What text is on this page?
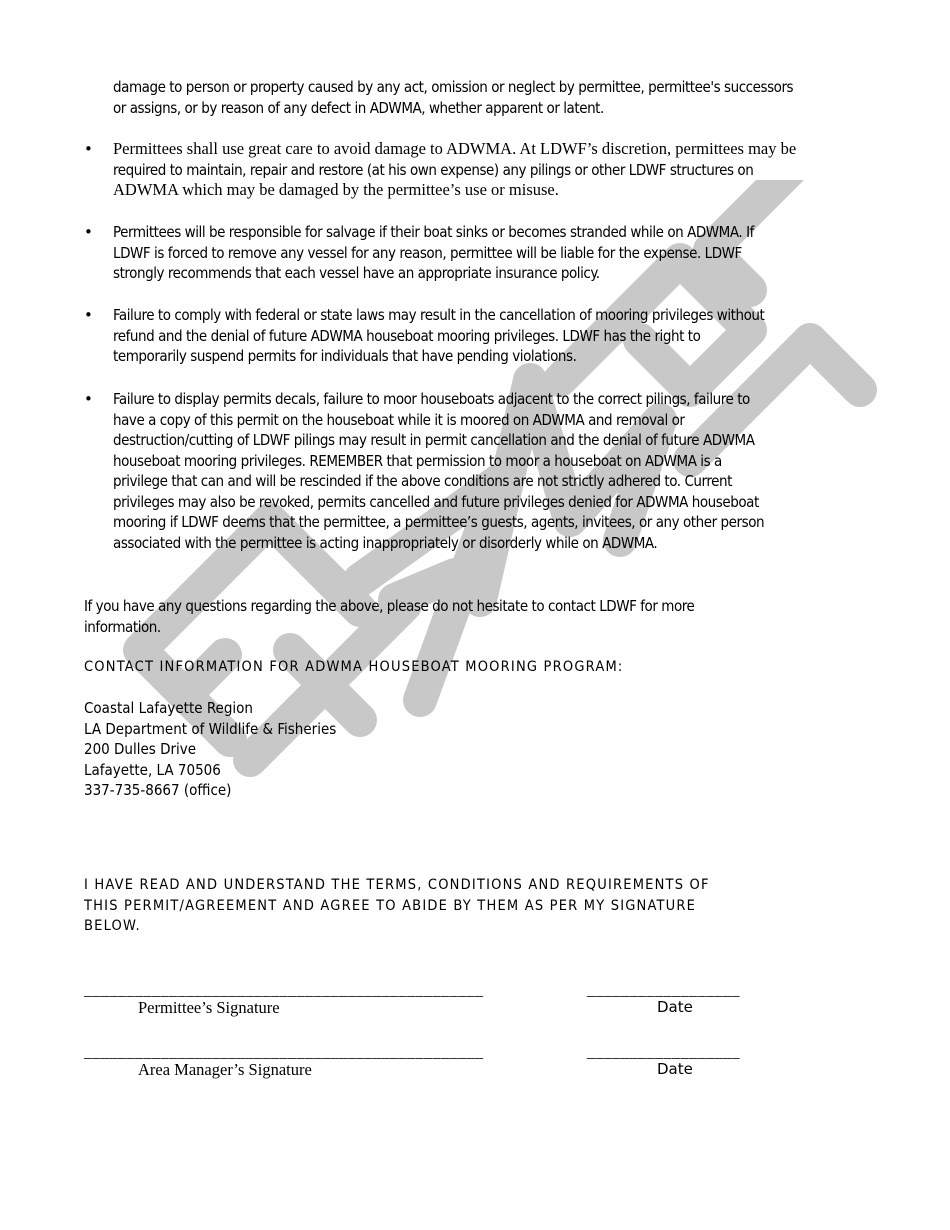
damage to person or property caused by any act, omission or neglect by permittee, permittee's successors
or assigns, or by reason of any defect in ADWMA, whether apparent or latent.
• Permittees shall use great care to avoid damage to ADWMA. At LDWF’s discretion, permittees may be
required to maintain, repair and restore (at his own expense) any pilings or other LDWF structures on
ADWMA which may be damaged by the permittee’s use or misuse.
• Permittees will be responsible for salvage if their boat sinks or becomes stranded while on ADWMA. If
LDWF is forced to remove any vessel for any reason, permittee will be liable for the expense. LDWF
strongly recommends that each vessel have an appropriate insurance policy.
• Failure to comply with federal or state laws may result in the cancellation of mooring privileges without
refund and the denial of future ADWMA houseboat mooring privileges. LDWF has the right to
temporarily suspend permits for individuals that have pending violations.
• Failure to display permits decals, failure to moor houseboats adjacent to the correct pilings, failure to
have a copy of this permit on the houseboat while it is moored on ADWMA and removal or
destruction/cutting of LDWF pilings may result in permit cancellation and the denial of future ADWMA
houseboat mooring privileges. REMEMBER that permission to moor a houseboat on ADWMA is a
privilege that can and will be rescinded if the above conditions are not strictly adhered to. Current
privileges may also be revoked, permits cancelled and future privileges denied for ADWMA houseboat
mooring if LDWF deems that the permittee, a permittee’s guests, agents, invitees, or any other person
associated with the permittee is acting inappropriately or disorderly while on ADWMA.
If you have any questions regarding the above, please do not hesitate to contact LDWF for more
information.
CONTACT INFORMATION FOR ADWMA HOUSEBOAT MOORING PROGRAM:
Coastal Lafayette Region
LA Department of Wildlife & Fisheries
200 Dulles Drive
Lafayette, LA 70506
337-735-8667 (office)
I HAVE READ AND UNDERSTAND THE TERMS, CONDITIONS AND REQUIREMENTS OF
THIS PERMIT/AGREEMENT AND AGREE TO ABIDE BY THEM AS PER MY SIGNATURE
BELOW.
_______________________________________________	__________________
Permittee’s Signature	Date
_______________________________________________	__________________
Area Manager’s Signature	Date
